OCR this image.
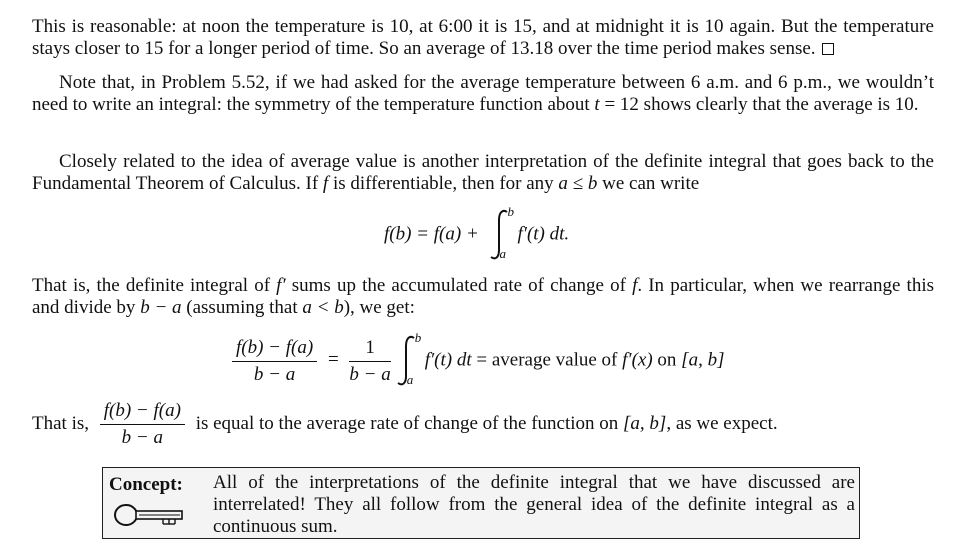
This is reasonable: at noon the temperature is 10, at 6:00 it is 15, and at midnight it is 10 again. But the temperature stays closer to 15 for a longer period of time. So an average of 13.18 over the time period makes sense.

Note that, in Problem 5.52, if we had asked for the average temperature between 6 a.m. and 6 p.m., we wouldn’t need to write an integral: the symmetry of the temperature function about t = 12 shows clearly that the average is 10.

Closely related to the idea of average value is another interpretation of the definite integral that goes back to the Fundamental Theorem of Calculus. If f is differentiable, then for any a ≤ b we can write

f(b) = f(a) +
b
a
f′(t) dt.

That is, the definite integral of f′ sums up the accumulated rate of change of f. In particular, when we rearrange this and divide by b − a (assuming that a < b), we get:

$\frac{f(b) - f(a)}{b - a} = \frac{1}{b - a}$ b
a
f′(t) dt = average value of f′(x) on [a, b]
That is, $\frac{f(b) - f(a)}{b - a}$ is equal to the average rate of change of the function on [a, b], as we expect.
Concept: All of the interpretations of the definite integral that we have discussed are interrelated! They all follow from the general idea of the definite integral as a continuous sum.
